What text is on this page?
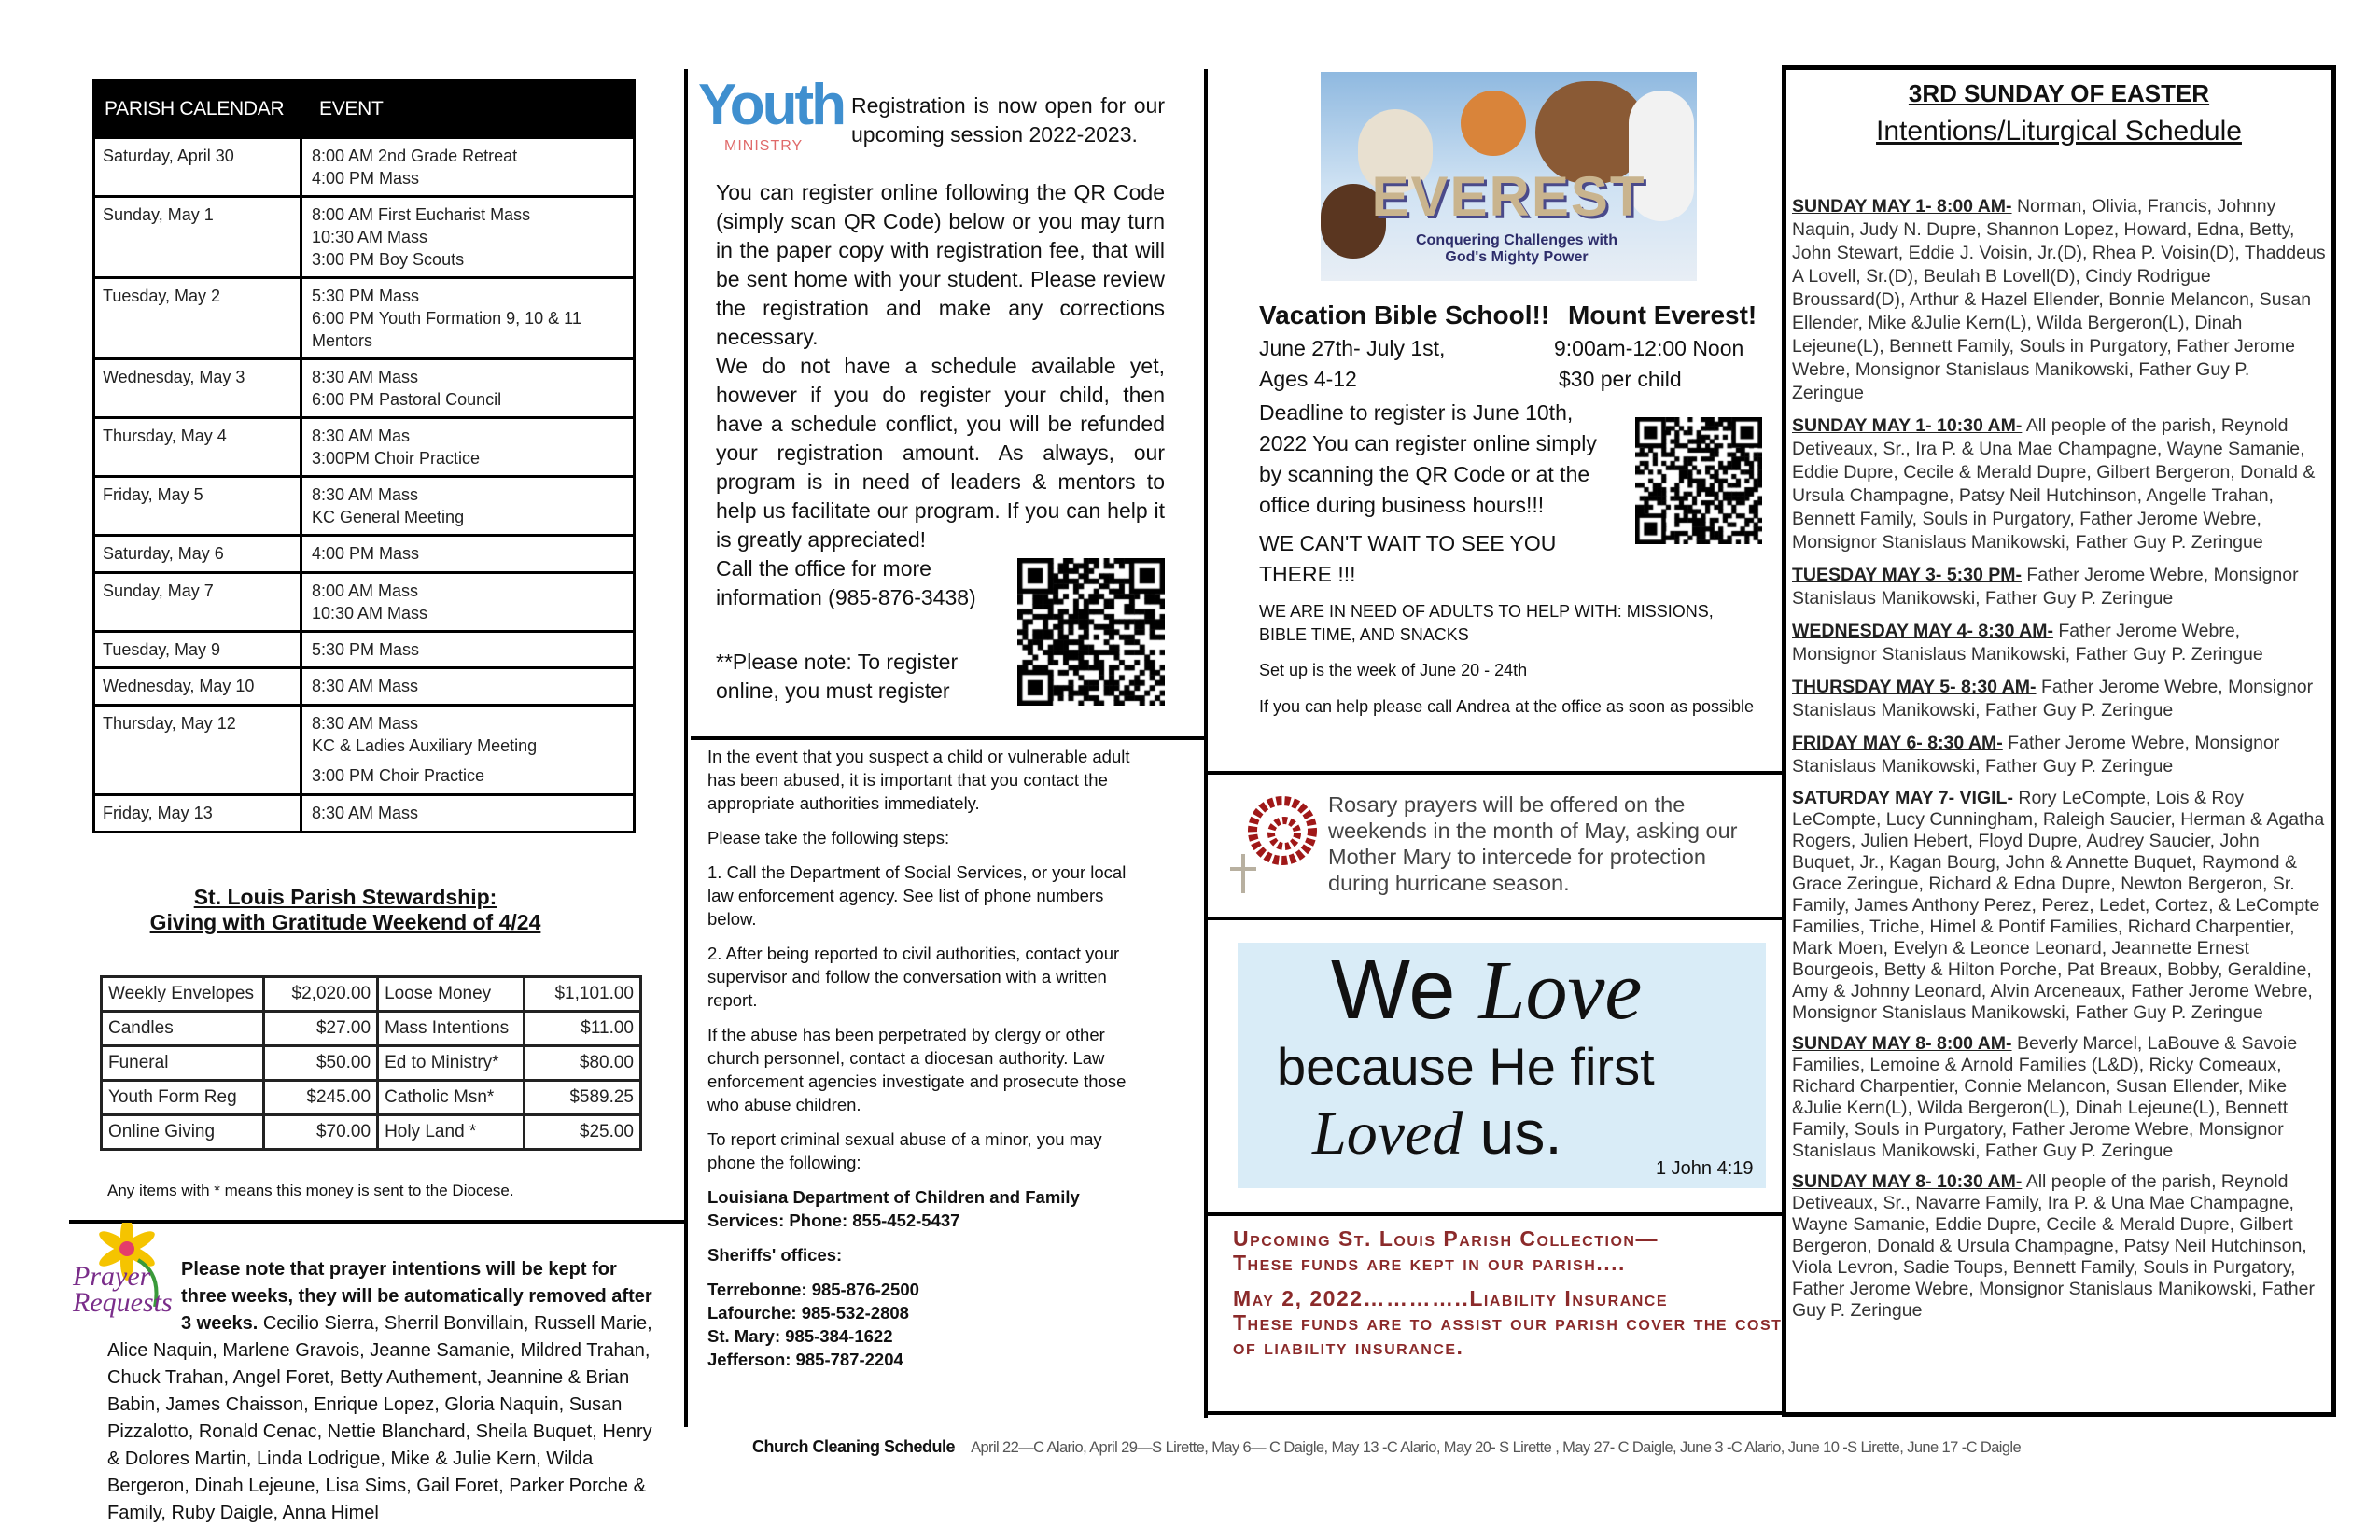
PARISH CALENDAR	EVENT
Saturday, April 30	8:00 AM 2nd Grade Retreat
4:00 PM Mass
Sunday, May 1	8:00 AM First Eucharist Mass
10:30 AM Mass
3:00 PM Boy Scouts
Tuesday, May 2	5:30 PM Mass
6:00 PM Youth Formation 9, 10 & 11 Mentors
Wednesday, May 3	8:30 AM Mass
6:00 PM Pastoral Council
Thursday, May 4	8:30 AM Mas
3:00PM Choir Practice
Friday, May 5	8:30 AM Mass
KC General Meeting
Saturday, May 6	4:00 PM Mass
Sunday, May 7	8:00 AM Mass
10:30 AM Mass
Tuesday, May 9	5:30 PM Mass
Wednesday, May 10	8:30 AM Mass
Thursday, May 12	8:30 AM Mass
KC & Ladies Auxiliary Meeting
3:00 PM Choir Practice
Friday, May 13	8:30 AM Mass
St. Louis Parish Stewardship:
Giving with Gratitude Weekend of 4/24
Weekly Envelopes	$2,020.00	Loose Money	$1,101.00
Candles	$27.00	Mass Intentions	$11.00
Funeral	$50.00	Ed to Ministry*	$80.00
Youth Form Reg	$245.00	Catholic Msn*	$589.25
Online Giving	$70.00	Holy Land *	$25.00
Any items with * means this money is sent to the Diocese.
Prayer
Requests
Please note that prayer intentions will be kept for three weeks, they will be automatically removed after 3 weeks. Cecilio Sierra, Sherril Bonvillain, Russell Marie, Alice Naquin, Marlene Gravois, Jeanne Samanie, Mildred Trahan, Chuck Trahan, Angel Foret, Betty Authement, Jeannine & Brian Babin, James Chaisson, Enrique Lopez, Gloria Naquin, Susan Pizzalotto, Ronald Cenac, Nettie Blanchard, Sheila Buquet, Henry & Dolores Martin, Linda Lodrigue, Mike & Julie Kern, Wilda Bergeron, Dinah Lejeune, Lisa Sims, Gail Foret, Parker Porche & Family, Ruby Daigle, Anna Himel
Youth
MINISTRY
Registration is now open for our upcoming session 2022-2023.
You can register online following the QR Code (simply scan QR Code) below or you may turn in the paper copy with registration fee, that will be sent home with your student. Please review the registration and make any corrections necessary.
We do not have a schedule available yet, however if you do register your child, then have a schedule conflict, you will be refunded your registration amount. As always, our program is in need of leaders & mentors to help us facilitate our program. If you can help it is greatly appreciated!
Call the office for more information (985-876-3438)
**Please note: To register online, you must register
In the event that you suspect a child or vulnerable adult has been abused, it is important that you contact the appropriate authorities immediately.
Please take the following steps:
1. Call the Department of Social Services, or your local law enforcement agency. See list of phone numbers below.
2. After being reported to civil authorities, contact your supervisor and follow the conversation with a written report.
If the abuse has been perpetrated by clergy or other church personnel, contact a diocesan authority. Law enforcement agencies investigate and prosecute those who abuse children.
To report criminal sexual abuse of a minor, you may phone the following:
Louisiana Department of Children and Family Services: Phone: 855-452-5437
Sheriffs' offices:
Terrebonne: 985-876-2500
Lafourche: 985-532-2808
St. Mary: 985-384-1622
Jefferson: 985-787-2204
EVEREST
Conquering Challenges with God's Mighty Power
Vacation Bible School!! Mount Everest!
June 27th- July 1st,	9:00am-12:00 Noon
Ages 4-12	$30 per child
Deadline to register is June 10th, 2022 You can register online simply by scanning the QR Code or at the office during business hours!!!
WE CAN'T WAIT TO SEE YOU THERE !!!
WE ARE IN NEED OF ADULTS TO HELP WITH: MISSIONS, BIBLE TIME, AND SNACKS
Set up is the week of June 20 - 24th
If you can help please call Andrea at the office as soon as possible
Rosary prayers will be offered on the weekends in the month of May, asking our Mother Mary to intercede for protection during hurricane season.
We Love
because He first
Loved us.
1 John 4:19
Upcoming St. Louis Parish Collection—
These funds are kept in our parish....
May 2, 2022…………..Liability Insurance
These funds are to assist our parish cover the cost of liability insurance.
3RD SUNDAY OF EASTER
Intentions/Liturgical Schedule

SUNDAY MAY 1- 8:00 AM- Norman, Olivia, Francis, Johnny Naquin, Judy N. Dupre, Shannon Lopez, Howard, Edna, Betty, John Stewart, Eddie J. Voisin, Jr.(D), Rhea P. Voisin(D), Thaddeus A Lovell, Sr.(D), Beulah B Lovell(D), Cindy Rodrigue Broussard(D), Arthur & Hazel Ellender, Bonnie Melancon, Susan Ellender, Mike &Julie Kern(L), Wilda Bergeron(L), Dinah Lejeune(L), Bennett Family, Souls in Purgatory, Father Jerome Webre, Monsignor Stanislaus Manikowski, Father Guy P. Zeringue

SUNDAY MAY 1- 10:30 AM- All people of the parish, Reynold Detiveaux, Sr., Ira P. & Una Mae Champagne, Wayne Samanie, Eddie Dupre, Cecile & Merald Dupre, Gilbert Bergeron, Donald & Ursula Champagne, Patsy Neil Hutchinson, Angelle Trahan, Bennett Family, Souls in Purgatory, Father Jerome Webre, Monsignor Stanislaus Manikowski, Father Guy P. Zeringue

TUESDAY MAY 3- 5:30 PM- Father Jerome Webre, Monsignor Stanislaus Manikowski, Father Guy P. Zeringue

WEDNESDAY MAY 4- 8:30 AM- Father Jerome Webre, Monsignor Stanislaus Manikowski, Father Guy P. Zeringue

THURSDAY MAY 5- 8:30 AM- Father Jerome Webre, Monsignor Stanislaus Manikowski, Father Guy P. Zeringue

FRIDAY MAY 6- 8:30 AM- Father Jerome Webre, Monsignor Stanislaus Manikowski, Father Guy P. Zeringue

SATURDAY MAY 7- VIGIL- Rory LeCompte, Lois & Roy LeCompte, Lucy Cunningham, Raleigh Saucier, Herman & Agatha Rogers, Julien Hebert, Floyd Dupre, Audrey Saucier, John Buquet, Jr., Kagan Bourg, John & Annette Buquet, Raymond & Grace Zeringue, Richard & Edna Dupre, Newton Bergeron, Sr. Family, James Anthony Perez, Perez, Ledet, Cortez, & LeCompte Families, Triche, Himel & Pontif Families, Richard Charpentier, Mark Moen, Evelyn & Leonce Leonard, Jeannette Ernest Bourgeois, Betty & Hilton Porche, Pat Breaux, Bobby, Geraldine, Amy & Johnny Leonard, Alvin Arceneaux, Father Jerome Webre, Monsignor Stanislaus Manikowski, Father Guy P. Zeringue

SUNDAY MAY 8- 8:00 AM- Beverly Marcel, LaBouve & Savoie Families, Lemoine & Arnold Families (L&D), Ricky Comeaux, Richard Charpentier, Connie Melancon, Susan Ellender, Mike &Julie Kern(L), Wilda Bergeron(L), Dinah Lejeune(L), Bennett Family, Souls in Purgatory, Father Jerome Webre, Monsignor Stanislaus Manikowski, Father Guy P. Zeringue

SUNDAY MAY 8- 10:30 AM- All people of the parish, Reynold Detiveaux, Sr., Navarre Family, Ira P. & Una Mae Champagne, Wayne Samanie, Eddie Dupre, Cecile & Merald Dupre, Gilbert Bergeron, Donald & Ursula Champagne, Patsy Neil Hutchinson, Viola Levron, Sadie Toups, Bennett Family, Souls in Purgatory, Father Jerome Webre, Monsignor Stanislaus Manikowski, Father Guy P. Zeringue

Church Cleaning Schedule April 22—C Alario, April 29—S Lirette, May 6— C Daigle, May 13 -C Alario, May 20- S Lirette , May 27- C Daigle, June 3 -C Alario, June 10 -S Lirette, June 17 -C Daigle
